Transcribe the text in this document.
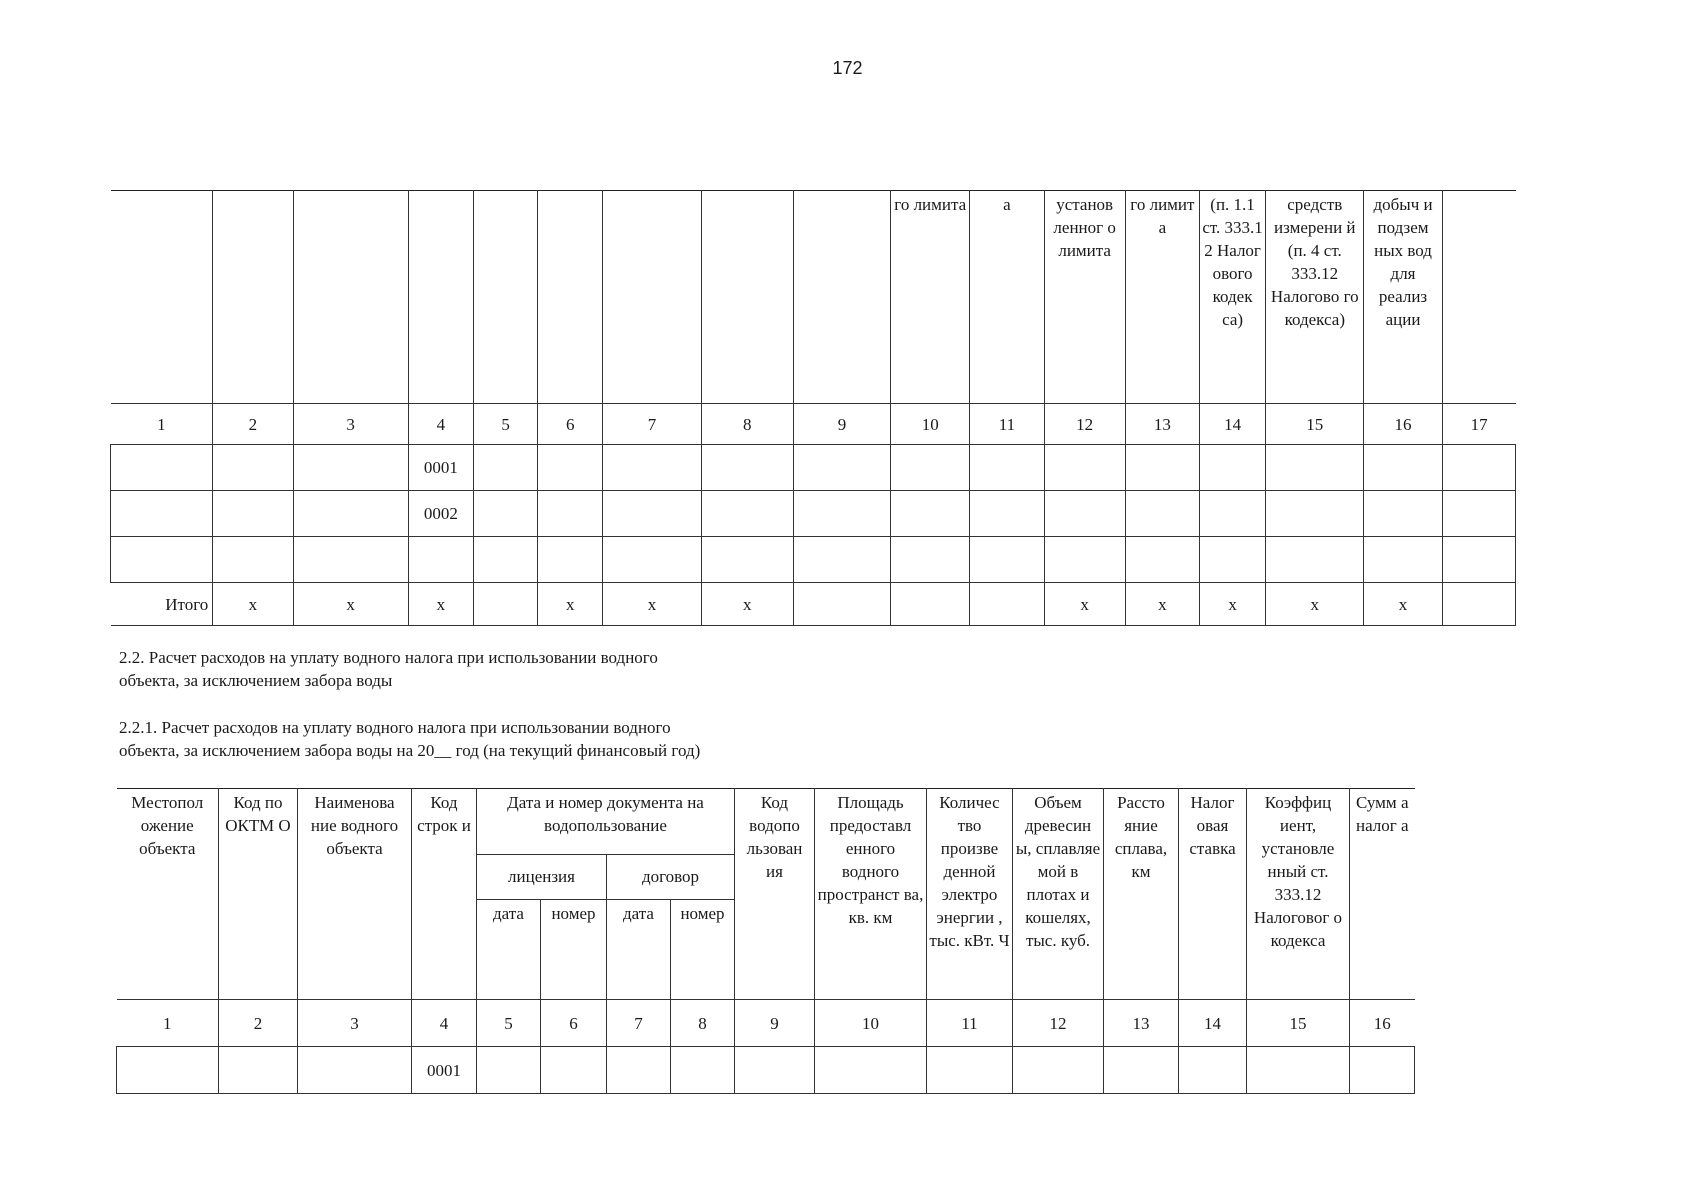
172
									го лимита	а	установ ленног о лимита	го лимит а	(п. 1.1 ст. 333.1 2 Налог ового кодек са)	средств измерени й (п. 4 ст. 333.12 Налогово го кодекса)	добыч и подзем ных вод для реализ ации	
1	2	3	4	5	6	7	8	9	10	11	12	13	14	15	16	17
			0001													
			0002													

Итого	x	x	x		x	x	x				x	x	x	x	x	
2.2. Расчет расходов на уплату водного налога при использовании водного
объекта, за исключением забора воды
2.2.1. Расчет расходов на уплату водного налога при использовании водного
объекта, за исключением забора воды на 20__ год (на текущий финансовый год)
Местопол ожение объекта	Код по ОКТМ О	Наименова ние водного объекта	Код строк и	Дата и номер документа на водопользование				Код водопо льзован ия	Площадь предоставл енного водного пространст ва, кв. км	Количес тво произве денной электро энергии , тыс. кВт. Ч	Объем древесин ы, сплавляе мой в плотах и кошелях, тыс. куб.	Рассто яние сплава, км	Налог овая ставка	Коэффиц иент, установле нный ст. 333.12 Налоговог о кодекса	Сумм а налог а
				лицензия		договор									
				дата	номер	дата	номер								
1	2	3	4	5	6	7	8	9	10	11	12	13	14	15	16
			0001												
